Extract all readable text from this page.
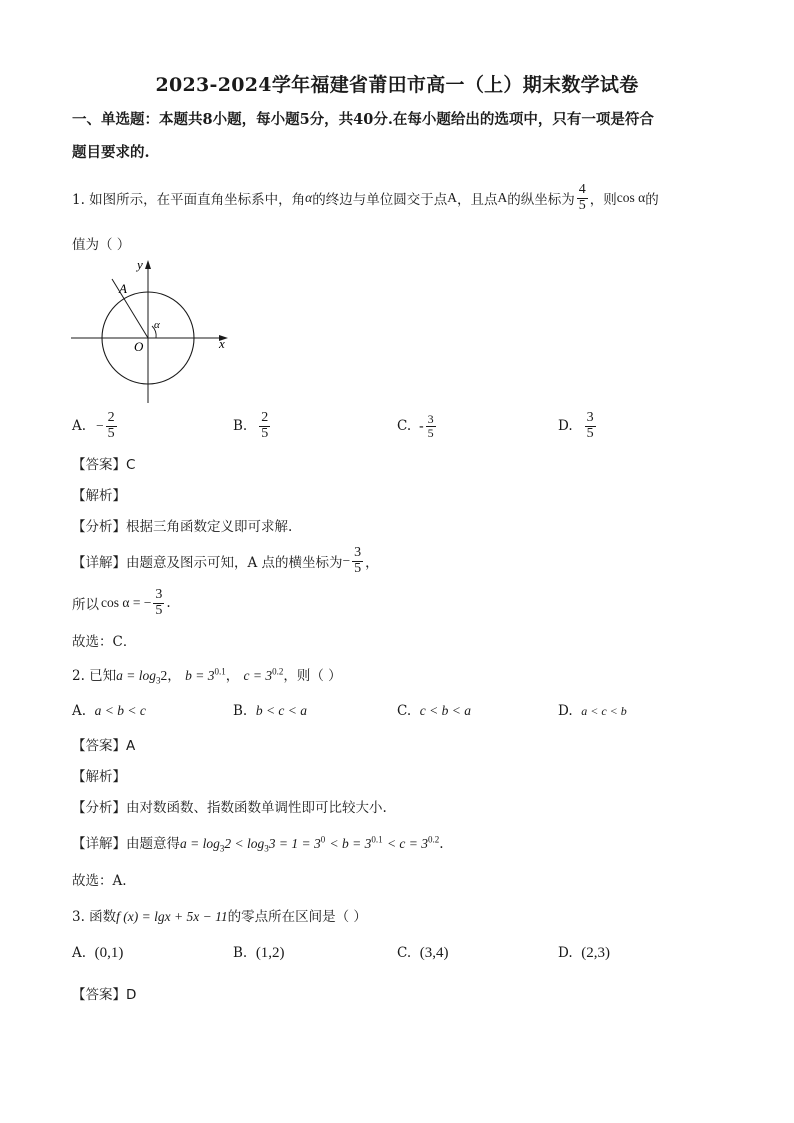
2023-2024学年福建省莆田市高一（上）期末数学试卷
一、单选题：本题共8小题，每小题5分，共40分.在每小题给出的选项中，只有一项是符合
题目要求的.
1. 如图所示，在平面直角坐标系中，角 α 的终边与单位圆交于点 A ，且点 A 的纵坐标为 $\frac{4}{5}$ ，则 cos α 的
值为（ ）
y
x
O
A
α
A. − $\frac{2}{5}$	B. $\frac{2}{5}$	C. - $\frac{3}{5}$	D. $\frac{3}{5}$
【答案】C
【解析】
【分析】根据三角函数定义即可求解.
【详解】由题意及图示可知，A 点的横坐标为 − $\frac{3}{5}$ ，
所以 cos α = − $\frac{3}{5}$ .
故选：C．
2. 已知$a = \log_32$， $b = 3^{0.1}$， $c = 3^{0.2}$，则（ ）
A. a < b < c	B. b < c < a	C. c < b < a	D. a < c < b
【答案】A
【解析】
【分析】由对数函数、指数函数单调性即可比较大小.
【详解】由题意得$a = \log_32 < \log_33 = 1 = 3^0 < b = 3^{0.1} < c = 3^{0.2}$.
故选：A.
3. 函数f (x) = lgx + 5x − 11的零点所在区间是（ ）
A. (0,1)	B. (1,2)	C. (3,4)	D. (2,3)
【答案】D
